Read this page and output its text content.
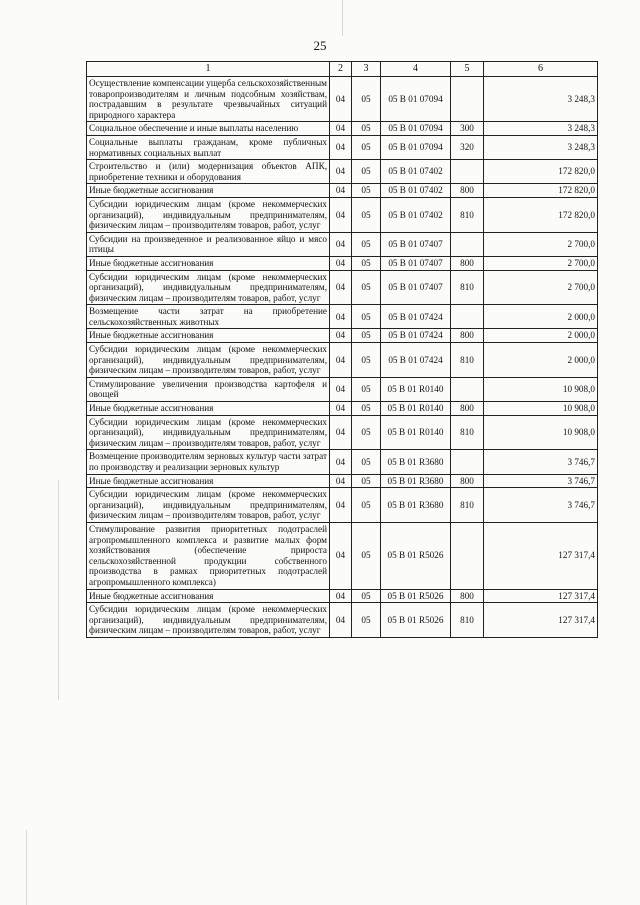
25
1	2	3	4	5	6
Осуществление компенсации ущерба сельскохозяйственным товаропроизводителям и личным подсобным хозяйствам, пострадавшим в результате чрезвычайных ситуаций природного характера	04	05	05 В 01 07094		3 248,3
Социальное обеспечение и иные выплаты населению	04	05	05 В 01 07094	300	3 248,3
Социальные выплаты гражданам, кроме публичных нормативных социальных выплат	04	05	05 В 01 07094	320	3 248,3
Строительство и (или) модернизация объектов АПК, приобретение техники и оборудования	04	05	05 В 01 07402		172 820,0
Иные бюджетные ассигнования	04	05	05 В 01 07402	800	172 820,0
Субсидии юридическим лицам (кроме некоммерческих организаций), индивидуальным предпринимателям, физическим лицам – производителям товаров, работ, услуг	04	05	05 В 01 07402	810	172 820,0
Субсидии на произведенное и реализованное яйцо и мясо птицы	04	05	05 В 01 07407		2 700,0
Иные бюджетные ассигнования	04	05	05 В 01 07407	800	2 700,0
Субсидии юридическим лицам (кроме некоммерческих организаций), индивидуальным предпринимателям, физическим лицам – производителям товаров, работ, услуг	04	05	05 В 01 07407	810	2 700,0
Возмещение части затрат на приобретение сельскохозяйственных животных	04	05	05 В 01 07424		2 000,0
Иные бюджетные ассигнования	04	05	05 В 01 07424	800	2 000,0
Субсидии юридическим лицам (кроме некоммерческих организаций), индивидуальным предпринимателям, физическим лицам – производителям товаров, работ, услуг	04	05	05 В 01 07424	810	2 000,0
Стимулирование увеличения производства картофеля и овощей	04	05	05 В 01 R0140		10 908,0
Иные бюджетные ассигнования	04	05	05 В 01 R0140	800	10 908,0
Субсидии юридическим лицам (кроме некоммерческих организаций), индивидуальным предпринимателям, физическим лицам – производителям товаров, работ, услуг	04	05	05 В 01 R0140	810	10 908,0
Возмещение производителям зерновых культур части затрат по производству и реализации зерновых культур	04	05	05 В 01 R3680		3 746,7
Иные бюджетные ассигнования	04	05	05 В 01 R3680	800	3 746,7
Субсидии юридическим лицам (кроме некоммерческих организаций), индивидуальным предпринимателям, физическим лицам – производителям товаров, работ, услуг	04	05	05 В 01 R3680	810	3 746,7
Стимулирование развития приоритетных подотраслей агропромышленного комплекса и развитие малых форм хозяйствования (обеспечение прироста сельскохозяйственной продукции собственного производства в рамках приоритетных подотраслей агропромышленного комплекса)	04	05	05 В 01 R5026		127 317,4
Иные бюджетные ассигнования	04	05	05 В 01 R5026	800	127 317,4
Субсидии юридическим лицам (кроме некоммерческих организаций), индивидуальным предпринимателям, физическим лицам – производителям товаров, работ, услуг	04	05	05 В 01 R5026	810	127 317,4
